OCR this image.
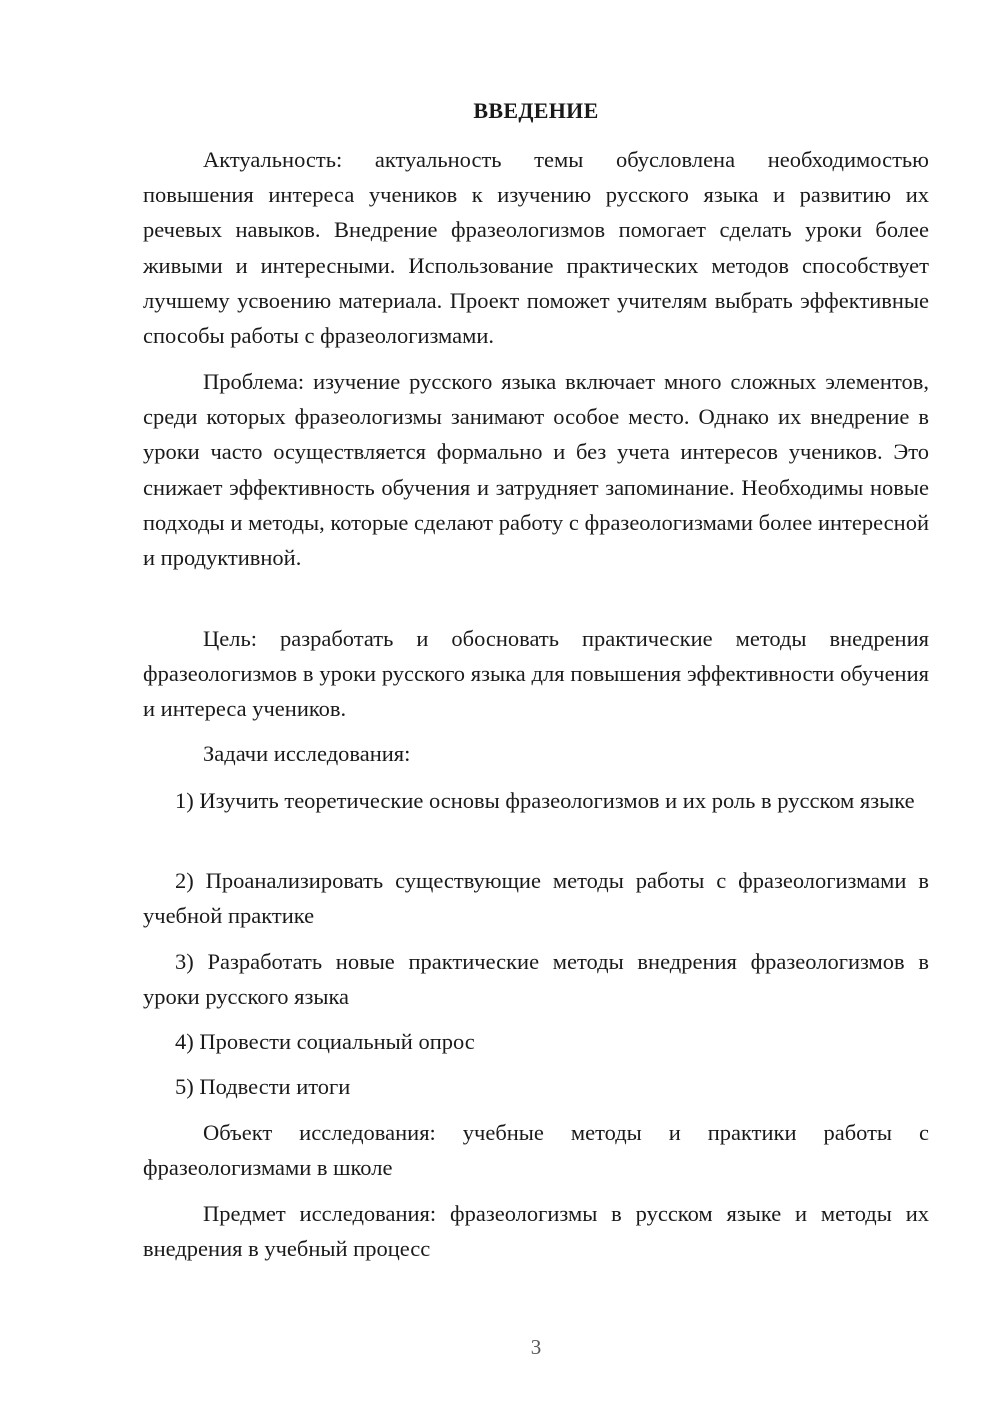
ВВЕДЕНИЕ

Актуальность: актуальность темы обусловлена необходимостью повышения интереса учеников к изучению русского языка и развитию их речевых навыков. Внедрение фразеологизмов помогает сделать уроки более живыми и интересными. Использование практических методов способствует лучшему усвоению материала. Проект поможет учителям выбрать эффективные способы работы с фразеологизмами.

Проблема: изучение русского языка включает много сложных элементов, среди которых фразеологизмы занимают особое место. Однако их внедрение в уроки часто осуществляется формально и без учета интересов учеников. Это снижает эффективность обучения и затрудняет запоминание. Необходимы новые подходы и методы, которые сделают работу с фразеологизмами более интересной и продуктивной.

Цель: разработать и обосновать практические методы внедрения фразеологизмов в уроки русского языка для повышения эффективности обучения и интереса учеников.

Задачи исследования:

1) Изучить теоретические основы фразеологизмов и их роль в русском языке

2) Проанализировать существующие методы работы с фразеологизмами в учебной практике

3) Разработать новые практические методы внедрения фразеологизмов в уроки русского языка

4) Провести социальный опрос

5) Подвести итоги

Объект исследования: учебные методы и практики работы с фразеологизмами в школе

Предмет исследования: фразеологизмы в русском языке и методы их внедрения в учебный процесс

3
